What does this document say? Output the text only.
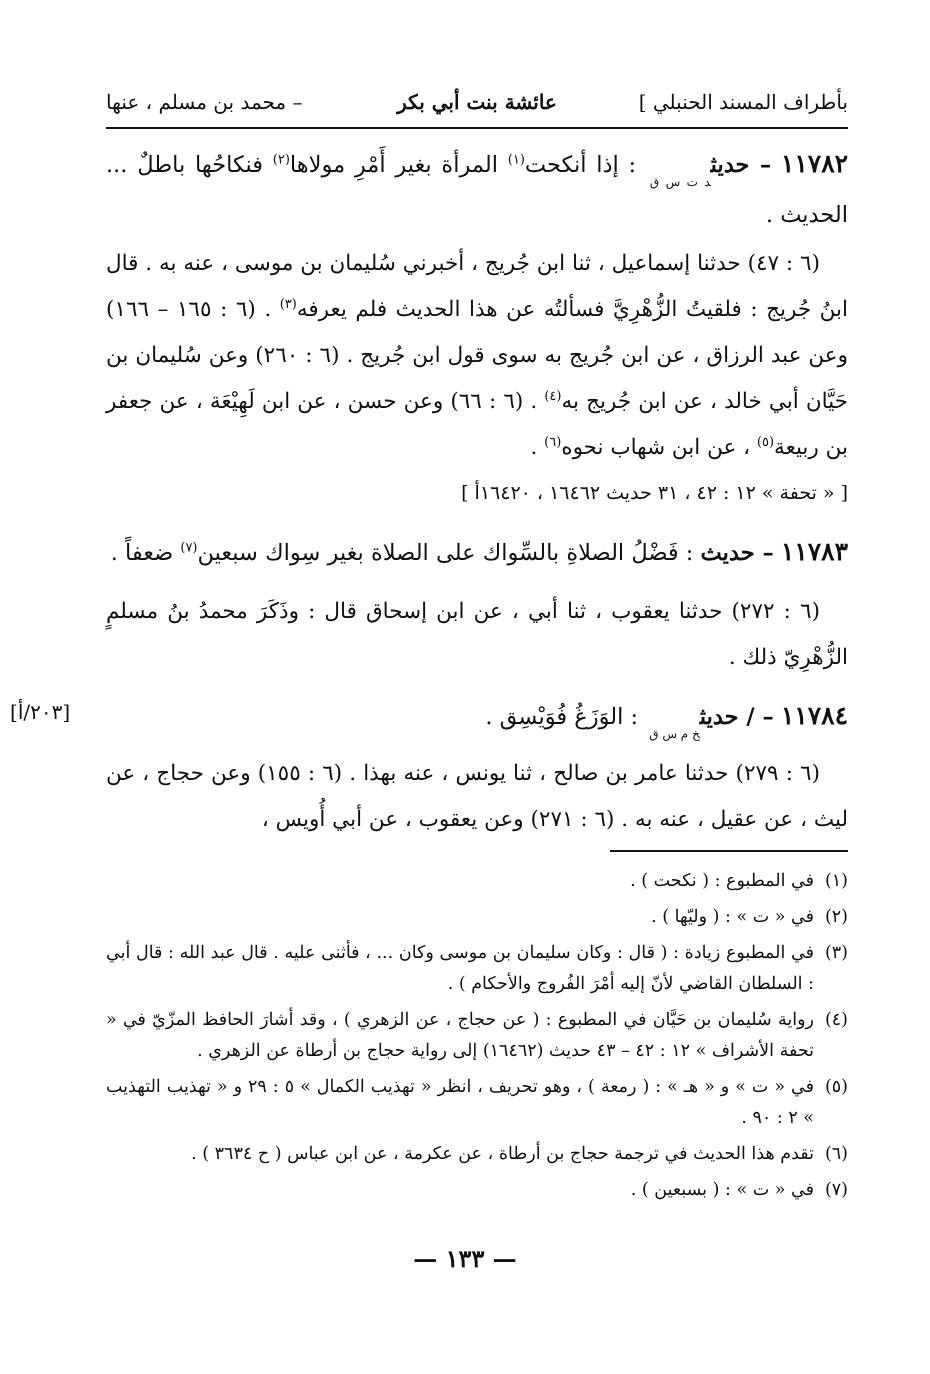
بأطراف المسند الحنبلي ]
عائشة بنت أبي بكر
– محمد بن مسلم ، عنها
١١٧٨٢ – حديث$_{د ت س ق}$ : إذا أنكحت$^{(١)}$ المرأة بغير أَمْرِ مولاها$^{(٢)}$ فنكاحُها باطلٌ ... الحديث .
(٦ : ٤٧) حدثنا إسماعيل ، ثنا ابن جُريج ، أخبرني سُليمان بن موسى ، عنه به . قال ابنُ جُريج : فلقيتُ الزُّهْرِيَّ فسألتُه عن هذا الحديث فلم يعرفه$^{(٣)}$ . (٦ : ١٦٥ – ١٦٦) وعن عبد الرزاق ، عن ابن جُريج به سوى قول ابن جُريج . (٦ : ٢٦٠) وعن سُليمان بن حَيَّان أبي خالد ، عن ابن جُريج به$^{(٤)}$ . (٦ : ٦٦) وعن حسن ، عن ابن لَهِيْعَة ، عن جعفر بن ربيعة$^{(٥)}$ ، عن ابن شهاب نحوه$^{(٦)}$ .
[ « تحفة » ١٢ : ٤٢ ، ٣١ حديث ١٦٤٦٢ ، ١٦٤٢٠أ ]
١١٧٨٣ – حديث : فَضْلُ الصلاةِ بالسِّواك على الصلاة بغير سِواك سبعين$^{(٧)}$ ضعفاً .
(٦ : ٢٧٢) حدثنا يعقوب ، ثنا أبي ، عن ابن إسحاق قال : وذَكَرَ محمدُ بنُ مسلمٍ الزُّهْرِيّ ذلك .
[٢٠٣/أ]	١١٧٨٤ – / حديث$_{خ م س ق}$ : الوَزَغُ فُوَيْسِق .
(٦ : ٢٧٩) حدثنا عامر بن صالح ، ثنا يونس ، عنه بهذا . (٦ : ١٥٥) وعن حجاج ، عن ليث ، عن عقيل ، عنه به . (٦ : ٢٧١) وعن يعقوب ، عن أبي أُويس ،
(١)
في المطبوع : ( نكحت ) .
(٢)
في « ت » : ( وليّها ) .
(٣)
في المطبوع زيادة : ( قال : وكان سليمان بن موسى وكان ... ، فأثنى عليه . قال عبد الله : قال أبي : السلطان القاضي لأنّ إليه أمْرَ الفُروج والأحكام ) .
(٤)
رواية سُليمان بن حَيَّان في المطبوع : ( عن حجاج ، عن الزهري ) ، وقد أشارَ الحافظ المزّيّ في « تحفة الأشراف » ١٢ : ٤٢ – ٤٣ حديث (١٦٤٦٢) إلى رواية حجاج بن أرطاة عن الزهري .
(٥)
في « ت » و « هـ » : ( رمعة ) ، وهو تحريف ، انظر « تهذيب الكمال » ٥ : ٢٩ و « تهذيب التهذيب » ٢ : ٩٠ .
(٦)
تقدم هذا الحديث في ترجمة حجاج بن أرطاة ، عن عكرمة ، عن ابن عباس ( ح ٣٦٣٤ ) .
(٧)
في « ت » : ( بسبعين ) .
— ١٣٣ —
